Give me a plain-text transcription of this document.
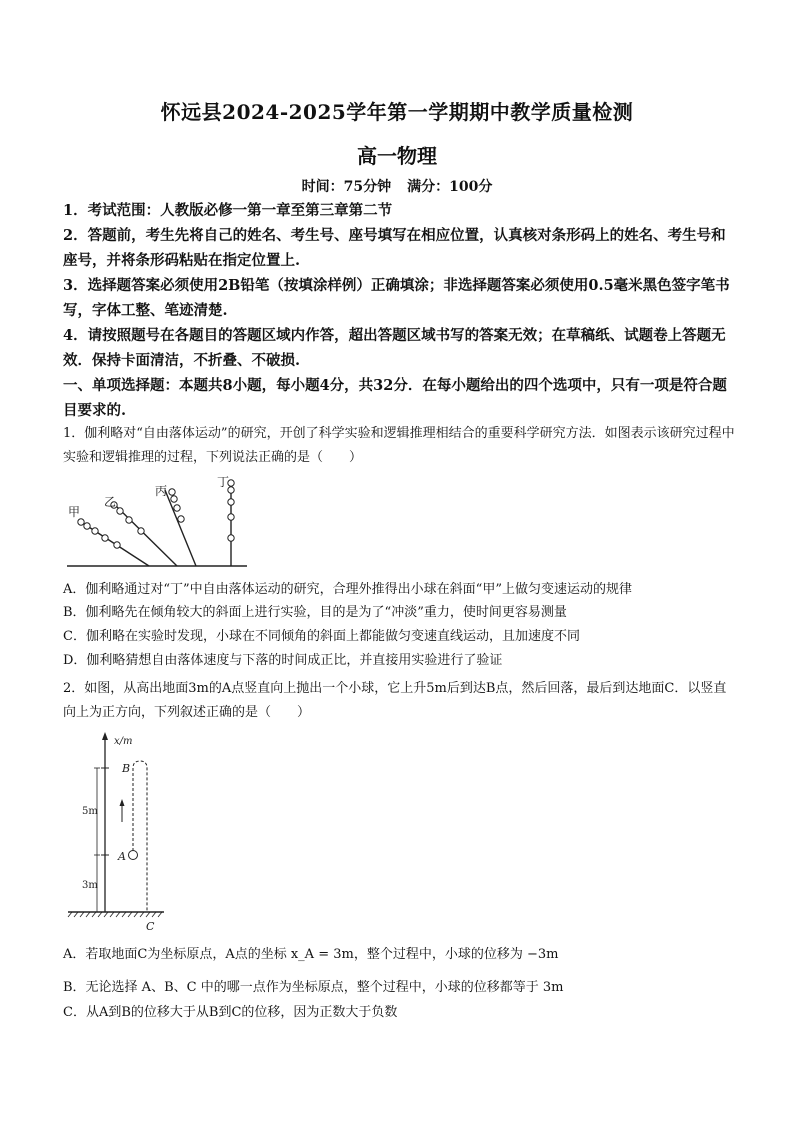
怀远县2024-2025学年第一学期期中教学质量检测
高一物理
时间：75分钟 满分：100分
1．考试范围：人教版必修一第一章至第三章第二节
2．答题前，考生先将自己的姓名、考生号、座号填写在相应位置，认真核对条形码上的姓名、考生号和座号，并将条形码粘贴在指定位置上.
3．选择题答案必须使用2B铅笔（按填涂样例）正确填涂；非选择题答案必须使用0.5毫米黑色签字笔书写，字体工整、笔迹清楚.
4．请按照题号在各题目的答题区域内作答，超出答题区域书写的答案无效；在草稿纸、试题卷上答题无效．保持卡面清洁，不折叠、不破损.
一、单项选择题：本题共8小题，每小题4分，共32分．在每小题给出的四个选项中，只有一项是符合题目要求的.
1．伽利略对“自由落体运动”的研究，开创了科学实验和逻辑推理相结合的重要科学研究方法．如图表示该研究过程中实验和逻辑推理的过程，下列说法正确的是（　　）
甲
乙
丙
丁
A．伽利略通过对“丁”中自由落体运动的研究，合理外推得出小球在斜面“甲”上做匀变速运动的规律
B．伽利略先在倾角较大的斜面上进行实验，目的是为了“冲淡”重力，使时间更容易测量
C．伽利略在实验时发现，小球在不同倾角的斜面上都能做匀变速直线运动，且加速度不同
D．伽利略猜想自由落体速度与下落的时间成正比，并直接用实验进行了验证
2．如图，从高出地面3m的A点竖直向上抛出一个小球，它上升5m后到达B点，然后回落，最后到达地面C．以竖直向上为正方向，下列叙述正确的是（　　）
x/m
5m
3m
B
A
C
A．若取地面C为坐标原点，A点的坐标 x_A = 3m，整个过程中，小球的位移为 −3m
B．无论选择 A、B、C 中的哪一点作为坐标原点，整个过程中，小球的位移都等于 3m
C．从A到B的位移大于从B到C的位移，因为正数大于负数
